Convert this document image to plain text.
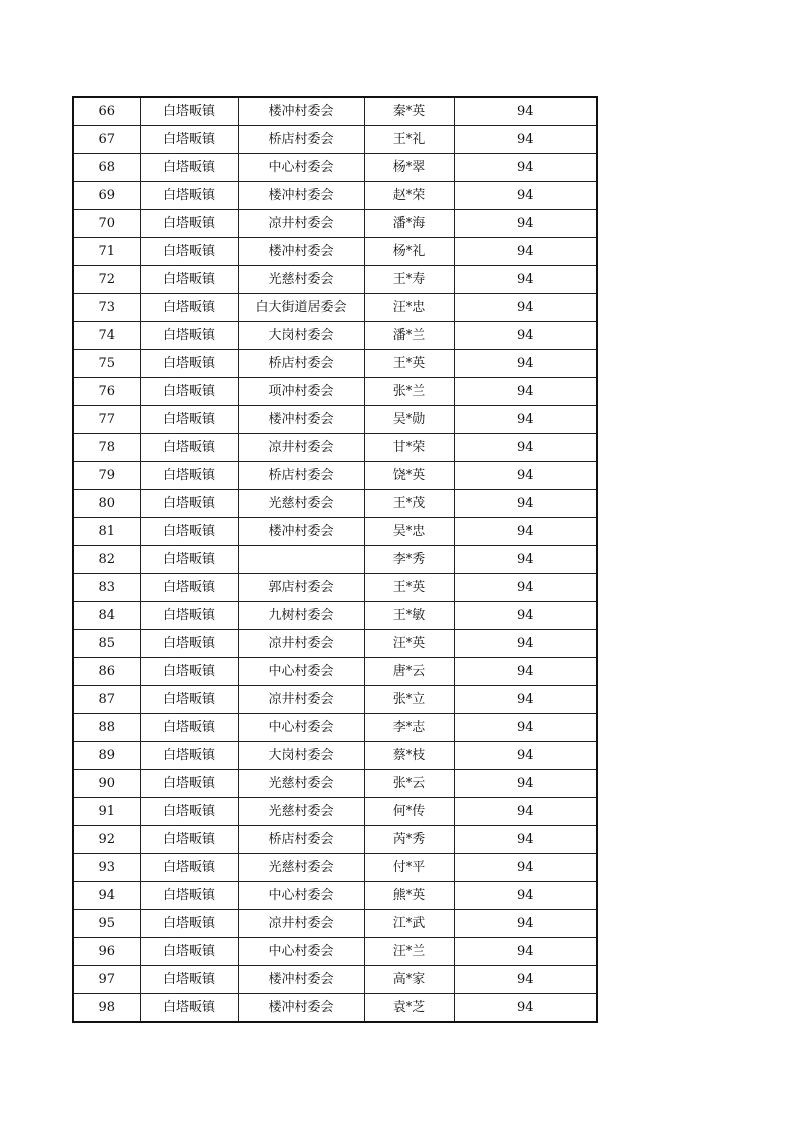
66	白塔畈镇	楼冲村委会	秦*英	94
67	白塔畈镇	桥店村委会	王*礼	94
68	白塔畈镇	中心村委会	杨*翠	94
69	白塔畈镇	楼冲村委会	赵*荣	94
70	白塔畈镇	凉井村委会	潘*海	94
71	白塔畈镇	楼冲村委会	杨*礼	94
72	白塔畈镇	光慈村委会	王*寿	94
73	白塔畈镇	白大街道居委会	汪*忠	94
74	白塔畈镇	大岗村委会	潘*兰	94
75	白塔畈镇	桥店村委会	王*英	94
76	白塔畈镇	项冲村委会	张*兰	94
77	白塔畈镇	楼冲村委会	吴*勋	94
78	白塔畈镇	凉井村委会	甘*荣	94
79	白塔畈镇	桥店村委会	饶*英	94
80	白塔畈镇	光慈村委会	王*茂	94
81	白塔畈镇	楼冲村委会	吴*忠	94
82	白塔畈镇		李*秀	94
83	白塔畈镇	郭店村委会	王*英	94
84	白塔畈镇	九树村委会	王*敏	94
85	白塔畈镇	凉井村委会	汪*英	94
86	白塔畈镇	中心村委会	唐*云	94
87	白塔畈镇	凉井村委会	张*立	94
88	白塔畈镇	中心村委会	李*志	94
89	白塔畈镇	大岗村委会	蔡*枝	94
90	白塔畈镇	光慈村委会	张*云	94
91	白塔畈镇	光慈村委会	何*传	94
92	白塔畈镇	桥店村委会	芮*秀	94
93	白塔畈镇	光慈村委会	付*平	94
94	白塔畈镇	中心村委会	熊*英	94
95	白塔畈镇	凉井村委会	江*武	94
96	白塔畈镇	中心村委会	汪*兰	94
97	白塔畈镇	楼冲村委会	高*家	94
98	白塔畈镇	楼冲村委会	袁*芝	94
